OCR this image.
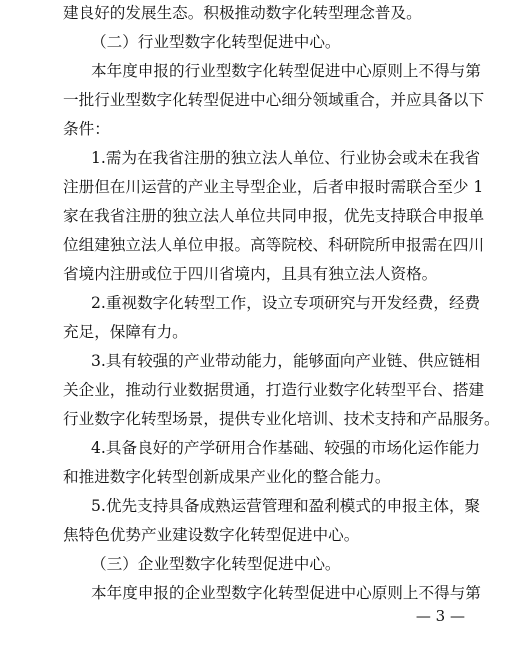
建良好的发展生态。积极推动数字化转型理念普及。
（二）行业型数字化转型促进中心。
本年度申报的行业型数字化转型促进中心原则上不得与第
一批行业型数字化转型促进中心细分领域重合，并应具备以下
条件：
1.需为在我省注册的独立法人单位、行业协会或未在我省
注册但在川运营的产业主导型企业，后者申报时需联合至少 1
家在我省注册的独立法人单位共同申报，优先支持联合申报单
位组建独立法人单位申报。高等院校、科研院所申报需在四川
省境内注册或位于四川省境内，且具有独立法人资格。
2.重视数字化转型工作，设立专项研究与开发经费，经费
充足，保障有力。
3.具有较强的产业带动能力，能够面向产业链、供应链相
关企业，推动行业数据贯通，打造行业数字化转型平台、搭建
行业数字化转型场景，提供专业化培训、技术支持和产品服务。
4.具备良好的产学研用合作基础、较强的市场化运作能力
和推进数字化转型创新成果产业化的整合能力。
5.优先支持具备成熟运营管理和盈利模式的申报主体，聚
焦特色优势产业建设数字化转型促进中心。
（三）企业型数字化转型促进中心。
本年度申报的企业型数字化转型促进中心原则上不得与第
— 3 —
